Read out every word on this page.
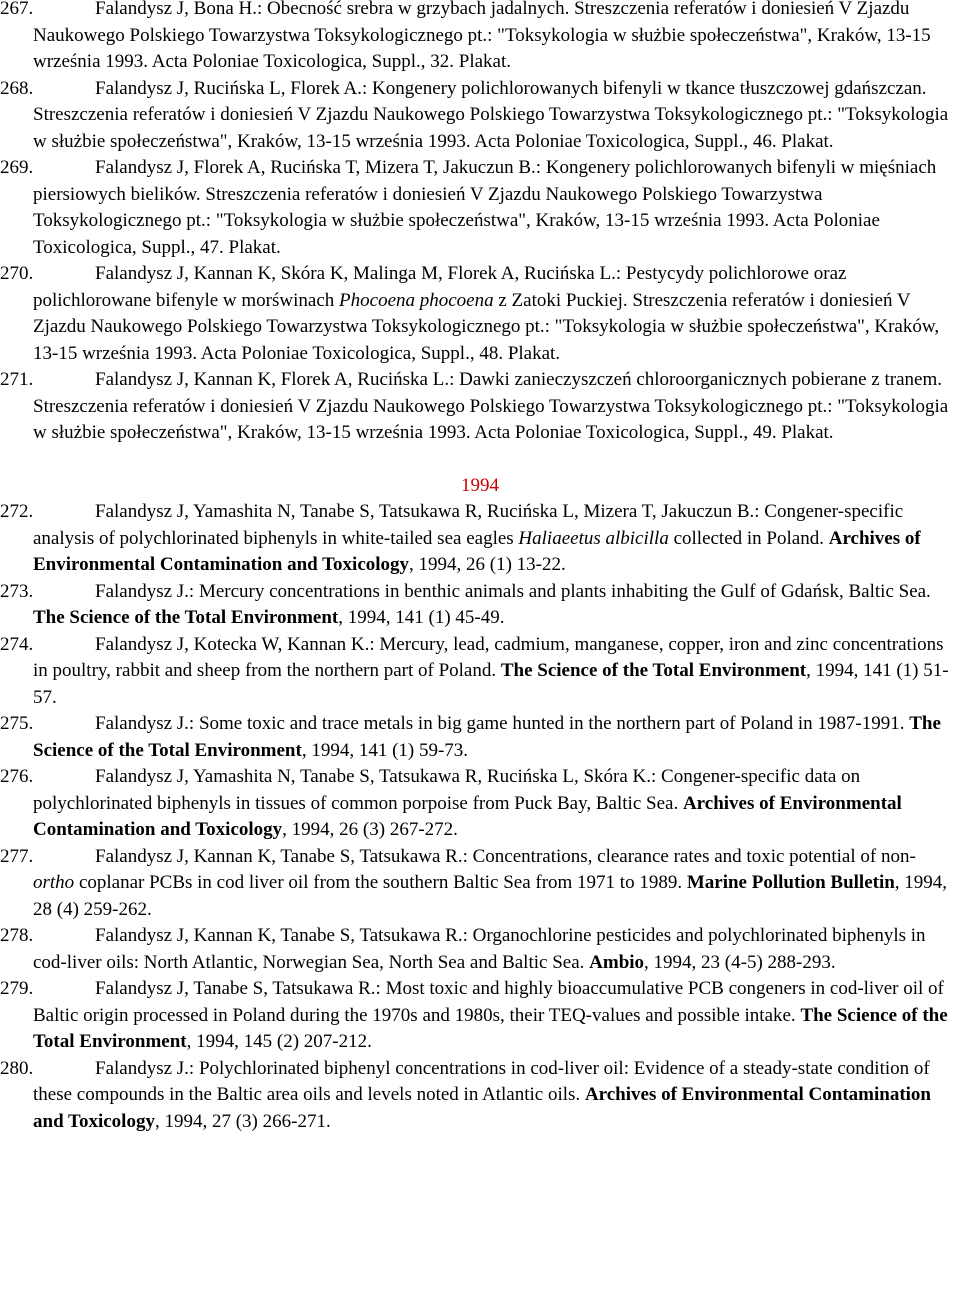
267.	Falandysz J, Bona H.: Obecność srebra w grzybach jadalnych. Streszczenia referatów i doniesień V Zjazdu Naukowego Polskiego Towarzystwa Toksykologicznego pt.: "Toksykologia w służbie społeczeństwa", Kraków, 13-15 września 1993. Acta Poloniae Toxicologica, Suppl., 32. Plakat.

268.	Falandysz J, Rucińska L, Florek A.: Kongenery polichlorowanych bifenyli w tkance tłuszczowej gdańszczan. Streszczenia referatów i doniesień V Zjazdu Naukowego Polskiego Towarzystwa Toksykologicznego pt.: "Toksykologia w służbie społeczeństwa", Kraków, 13-15 września 1993. Acta Poloniae Toxicologica, Suppl., 46. Plakat.

269.	Falandysz J, Florek A, Rucińska T, Mizera T, Jakuczun B.: Kongenery polichlorowanych bifenyli w mięśniach piersiowych bielików. Streszczenia referatów i doniesień V Zjazdu Naukowego Polskiego Towarzystwa Toksykologicznego pt.: "Toksykologia w służbie społeczeństwa", Kraków, 13-15 września 1993. Acta Poloniae Toxicologica, Suppl., 47. Plakat.

270.	Falandysz J, Kannan K, Skóra K, Malinga M, Florek A, Rucińska L.: Pestycydy polichlorowe oraz polichlorowane bifenyle w morświnach Phocoena phocoena z Zatoki Puckiej. Streszczenia referatów i doniesień V Zjazdu Naukowego Polskiego Towarzystwa Toksykologicznego pt.: "Toksykologia w służbie społeczeństwa", Kraków, 13-15 września 1993. Acta Poloniae Toxicologica, Suppl., 48. Plakat.

271.	Falandysz J, Kannan K, Florek A, Rucińska L.: Dawki zanieczyszczeń chloroorganicznych pobierane z tranem. Streszczenia referatów i doniesień V Zjazdu Naukowego Polskiego Towarzystwa Toksykologicznego pt.: "Toksykologia w służbie społeczeństwa", Kraków, 13-15 września 1993. Acta Poloniae Toxicologica, Suppl., 49. Plakat.

1994

272.	Falandysz J, Yamashita N, Tanabe S, Tatsukawa R, Rucińska L, Mizera T, Jakuczun B.: Congener-specific analysis of polychlorinated biphenyls in white-tailed sea eagles Haliaeetus albicilla collected in Poland. Archives of Environmental Contamination and Toxicology, 1994, 26 (1) 13-22.

273.	Falandysz J.: Mercury concentrations in benthic animals and plants inhabiting the Gulf of Gdańsk, Baltic Sea. The Science of the Total Environment, 1994, 141 (1) 45-49.

274.	Falandysz J, Kotecka W, Kannan K.: Mercury, lead, cadmium, manganese, copper, iron and zinc concentrations in poultry, rabbit and sheep from the northern part of Poland. The Science of the Total Environment, 1994, 141 (1) 51-57.

275.	Falandysz J.: Some toxic and trace metals in big game hunted in the northern part of Poland in 1987-1991. The Science of the Total Environment, 1994, 141 (1) 59-73.

276.	Falandysz J, Yamashita N, Tanabe S, Tatsukawa R, Rucińska L, Skóra K.: Congener-specific data on polychlorinated biphenyls in tissues of common porpoise from Puck Bay, Baltic Sea. Archives of Environmental Contamination and Toxicology, 1994, 26 (3) 267-272.

277.	Falandysz J, Kannan K, Tanabe S, Tatsukawa R.: Concentrations, clearance rates and toxic potential of non-ortho coplanar PCBs in cod liver oil from the southern Baltic Sea from 1971 to 1989. Marine Pollution Bulletin, 1994, 28 (4) 259-262.

278.	Falandysz J, Kannan K, Tanabe S, Tatsukawa R.: Organochlorine pesticides and polychlorinated biphenyls in cod-liver oils: North Atlantic, Norwegian Sea, North Sea and Baltic Sea. Ambio, 1994, 23 (4-5) 288-293.

279.	Falandysz J, Tanabe S, Tatsukawa R.: Most toxic and highly bioaccumulative PCB congeners in cod-liver oil of Baltic origin processed in Poland during the 1970s and 1980s, their TEQ-values and possible intake. The Science of the Total Environment, 1994, 145 (2) 207-212.

280.	Falandysz J.: Polychlorinated biphenyl concentrations in cod-liver oil: Evidence of a steady-state condition of these compounds in the Baltic area oils and levels noted in Atlantic oils. Archives of Environmental Contamination and Toxicology, 1994, 27 (3) 266-271.
